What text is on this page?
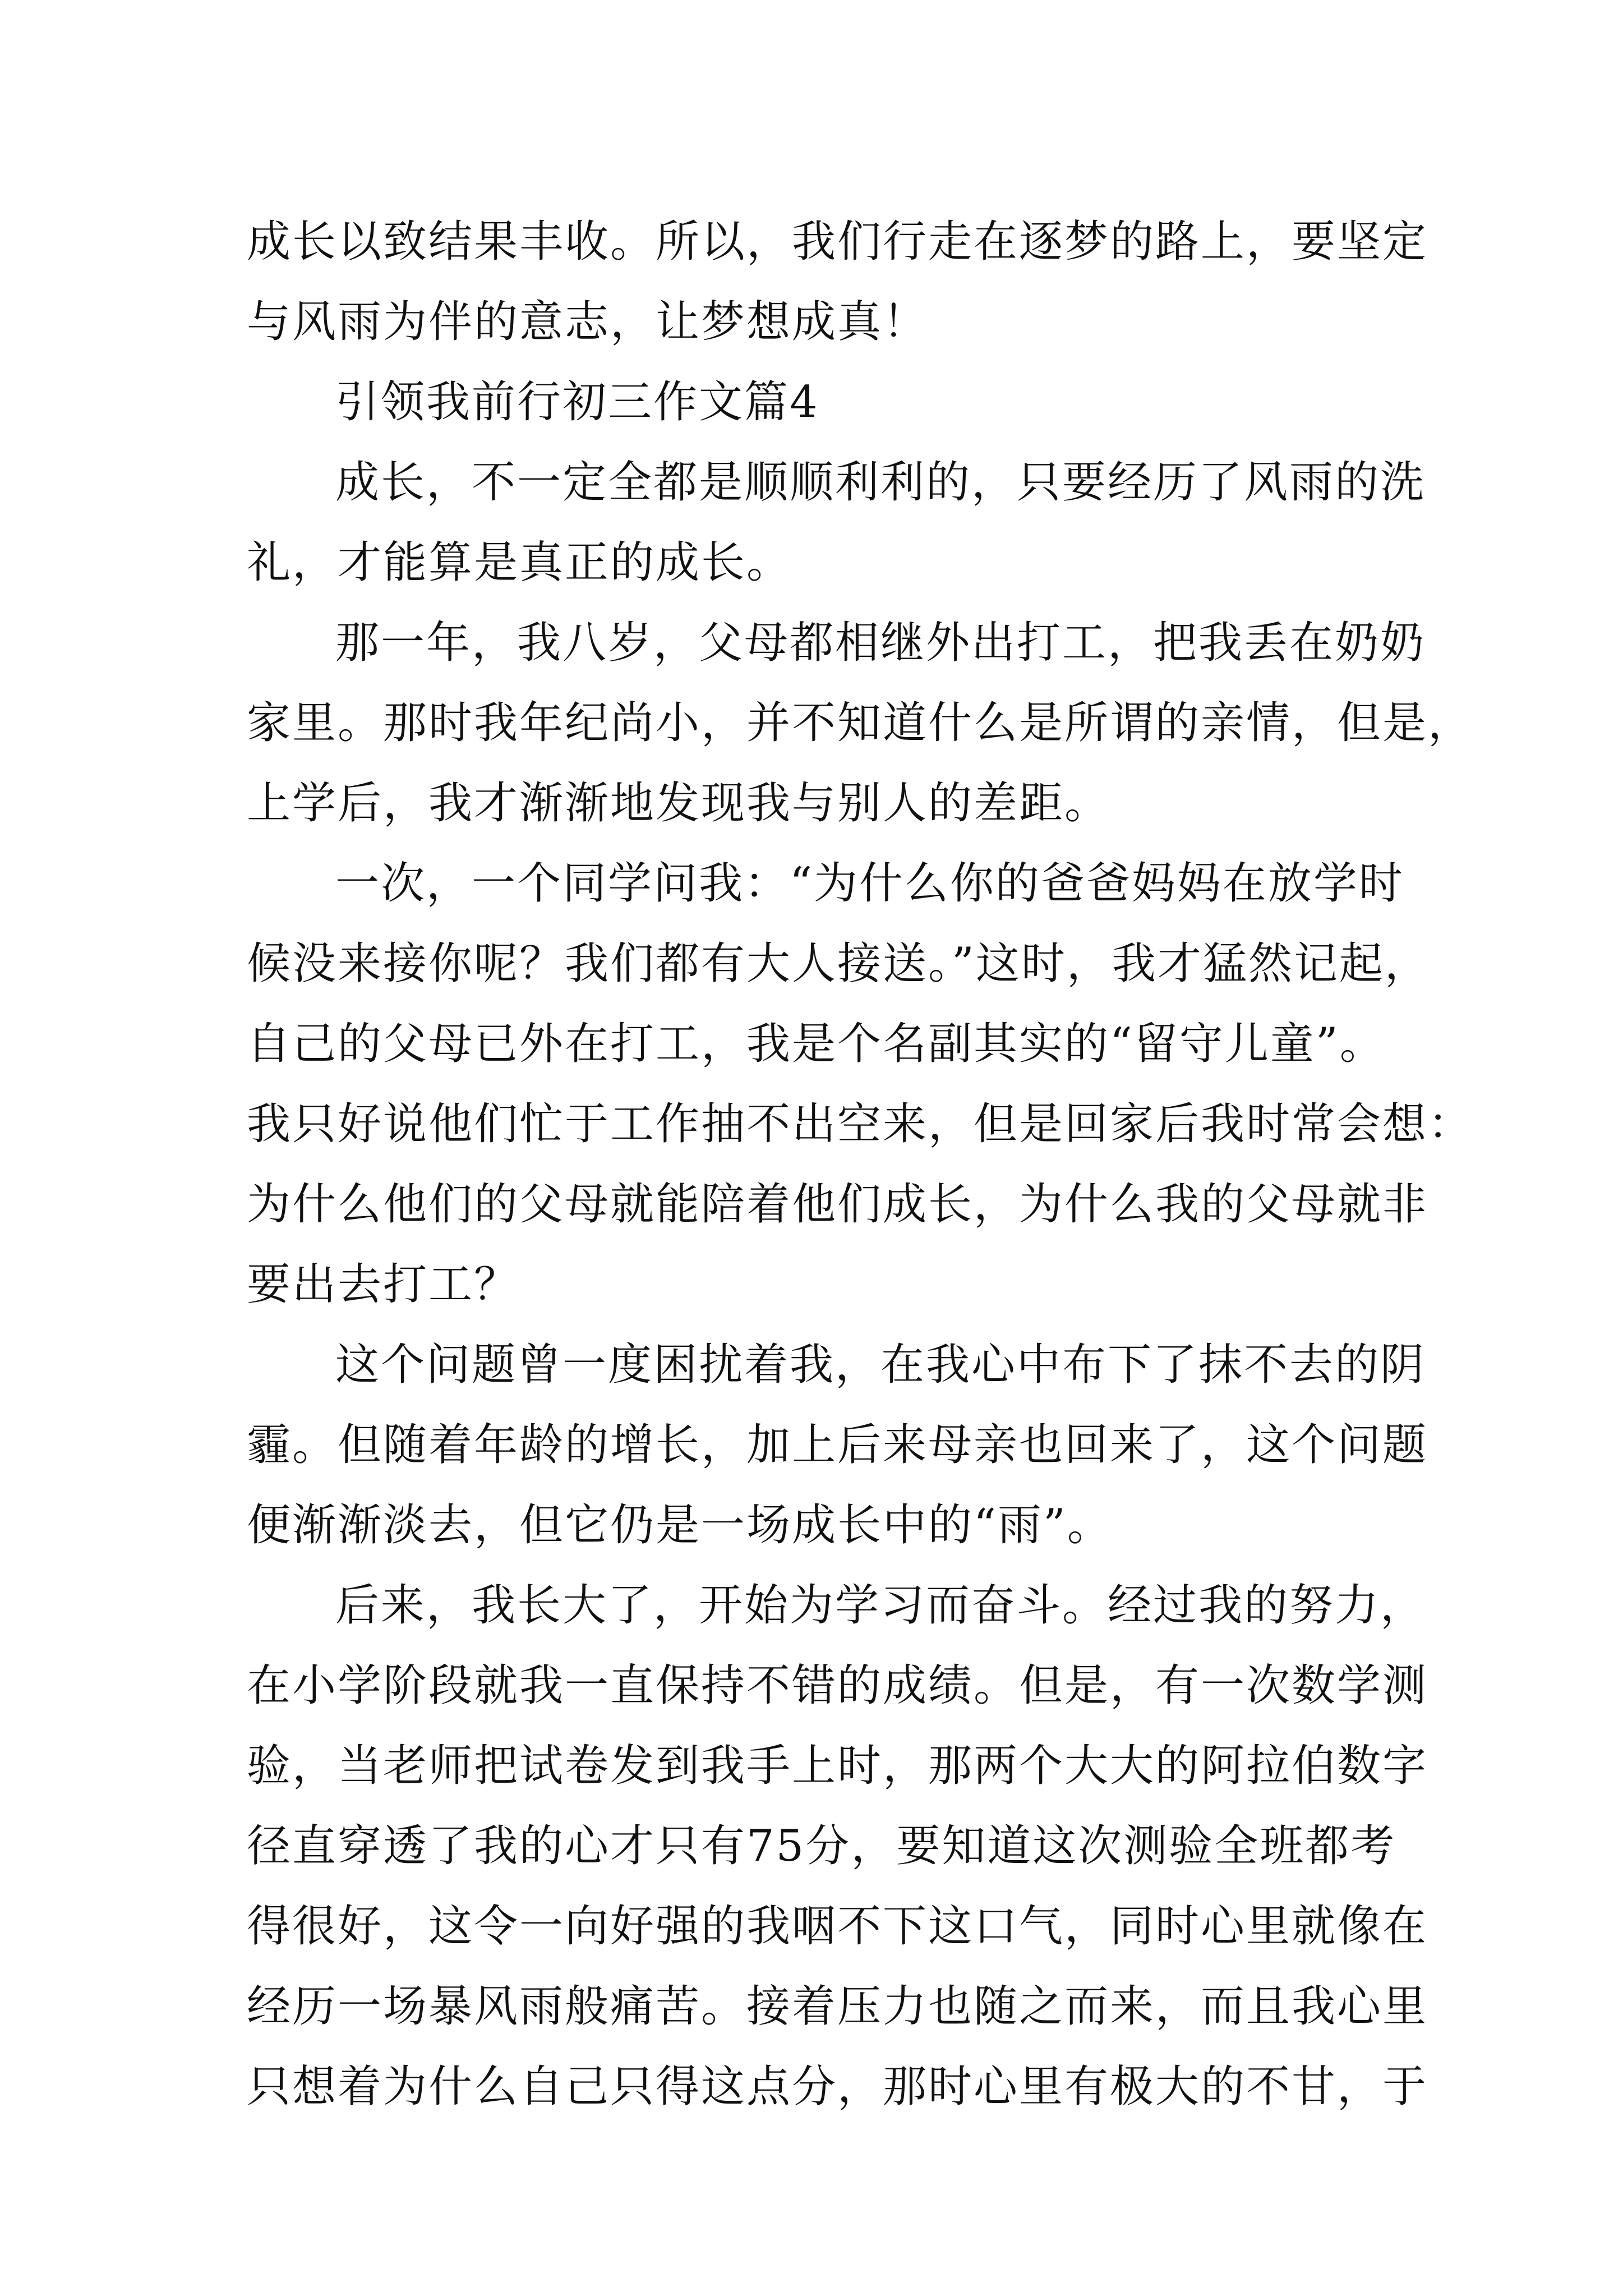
成长以致结果丰收。所以，我们行走在逐梦的路上，要坚定
与风雨为伴的意志，让梦想成真！
引领我前行初三作文篇4
成长，不一定全都是顺顺利利的，只要经历了风雨的洗
礼，才能算是真正的成长。
那一年，我八岁，父母都相继外出打工，把我丢在奶奶
家里。那时我年纪尚小，并不知道什么是所谓的亲情，但是，
上学后，我才渐渐地发现我与别人的差距。
一次，一个同学问我：“为什么你的爸爸妈妈在放学时
候没来接你呢？我们都有大人接送。”这时，我才猛然记起，
自己的父母已外在打工，我是个名副其实的“留守儿童”。
我只好说他们忙于工作抽不出空来，但是回家后我时常会想：
为什么他们的父母就能陪着他们成长，为什么我的父母就非
要出去打工？
这个问题曾一度困扰着我，在我心中布下了抹不去的阴
霾。但随着年龄的增长，加上后来母亲也回来了，这个问题
便渐渐淡去，但它仍是一场成长中的“雨”。
后来，我长大了，开始为学习而奋斗。经过我的努力，
在小学阶段就我一直保持不错的成绩。但是，有一次数学测
验，当老师把试卷发到我手上时，那两个大大的阿拉伯数字
径直穿透了我的心才只有75分，要知道这次测验全班都考
得很好，这令一向好强的我咽不下这口气，同时心里就像在
经历一场暴风雨般痛苦。接着压力也随之而来，而且我心里
只想着为什么自己只得这点分，那时心里有极大的不甘，于
